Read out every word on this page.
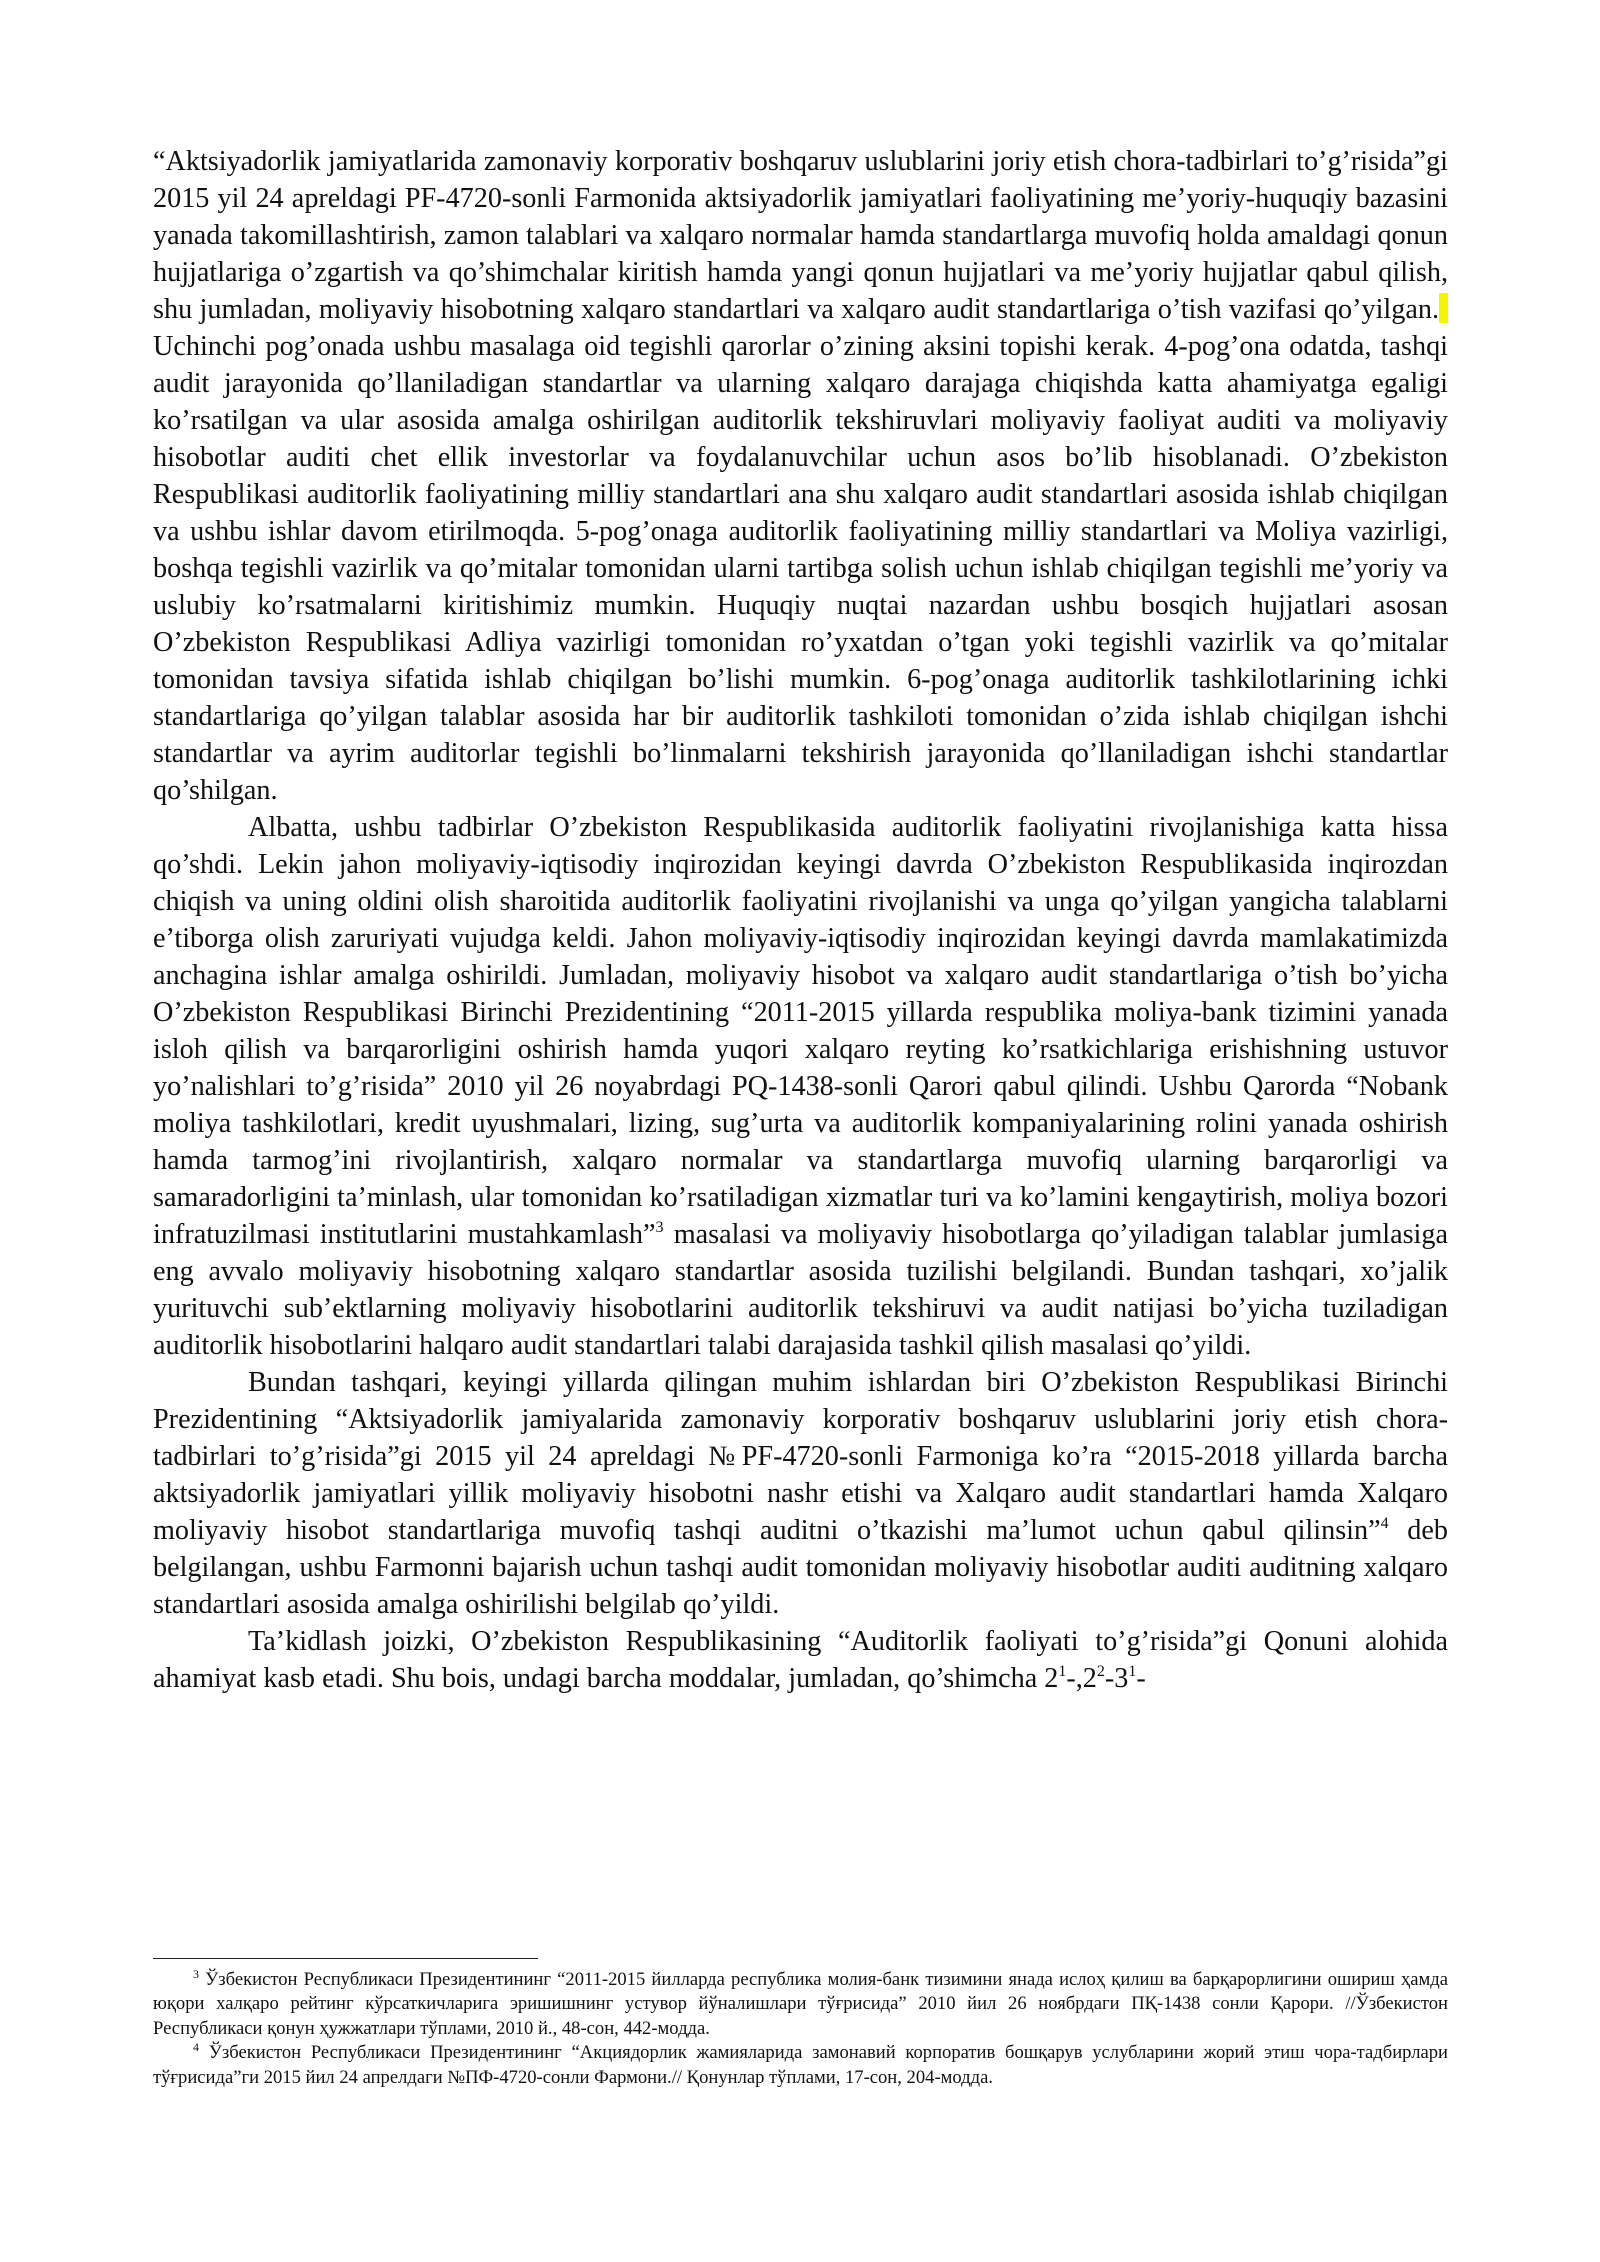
“Aktsiyadorlik jamiyatlarida zamonaviy korporativ boshqaruv uslublarini joriy etish chora-tadbirlari to’g’risida”gi 2015 yil 24 apreldagi PF-4720-sonli Farmonida aktsiyadorlik jamiyatlari faoliyatining me’yoriy-huquqiy bazasini yanada takomillashtirish, zamon talablari va xalqaro normalar hamda standartlarga muvofiq holda amaldagi qonun hujjatlariga o’zgartish va qo’shimchalar kiritish hamda yangi qonun hujjatlari va me’yoriy hujjatlar qabul qilish, shu jumladan, moliyaviy hisobotning xalqaro standartlari va xalqaro audit standartlariga o’tish vazifasi qo’yilgan.Uchinchi pog’onada ushbu masalaga oid tegishli qarorlar o’zining aksini topishi kerak. 4-pog’ona odatda, tashqi audit jarayonida qo’llaniladigan standartlar va ularning xalqaro darajaga chiqishda katta ahamiyatga egaligi ko’rsatilgan va ular asosida amalga oshirilgan auditorlik tekshiruvlari moliyaviy faoliyat auditi va moliyaviy hisobotlar auditi chet ellik investorlar va foydalanuvchilar uchun asos bo’lib hisoblanadi. O’zbekiston Respublikasi auditorlik faoliyatining milliy standartlari ana shu xalqaro audit standartlari asosida ishlab chiqilgan va ushbu ishlar davom etirilmoqda. 5-pog’onaga auditorlik faoliyatining milliy standartlari va Moliya vazirligi, boshqa tegishli vazirlik va qo’mitalar tomonidan ularni tartibga solish uchun ishlab chiqilgan tegishli me’yoriy va uslubiy ko’rsatmalarni kiritishimiz mumkin. Huquqiy nuqtai nazardan ushbu bosqich hujjatlari asosan O’zbekiston Respublikasi Adliya vazirligi tomonidan ro’yxatdan o’tgan yoki tegishli vazirlik va qo’mitalar tomonidan tavsiya sifatida ishlab chiqilgan bo’lishi mumkin. 6-pog’onaga auditorlik tashkilotlarining ichki standartlariga qo’yilgan talablar asosida har bir auditorlik tashkiloti tomonidan o’zida ishlab chiqilgan ishchi standartlar va ayrim auditorlar tegishli bo’linmalarni tekshirish jarayonida qo’llaniladigan ishchi standartlar qo’shilgan.

Albatta, ushbu tadbirlar O’zbekiston Respublikasida auditorlik faoliyatini rivojlanishiga katta hissa qo’shdi. Lekin jahon moliyaviy-iqtisodiy inqirozidan keyingi davrda O’zbekiston Respublikasida inqirozdan chiqish va uning oldini olish sharoitida auditorlik faoliyatini rivojlanishi va unga qo’yilgan yangicha talablarni e’tiborga olish zaruriyati vujudga keldi. Jahon moliyaviy-iqtisodiy inqirozidan keyingi davrda mamlakatimizda anchagina ishlar amalga oshirildi. Jumladan, moliyaviy hisobot va xalqaro audit standartlariga o’tish bo’yicha O’zbekiston Respublikasi Birinchi Prezidentining “2011-2015 yillarda respublika moliya-bank tizimini yanada isloh qilish va barqarorligini oshirish hamda yuqori xalqaro reyting ko’rsatkichlariga erishishning ustuvor yo’nalishlari to’g’risida” 2010 yil 26 noyabrdagi PQ-1438-sonli Qarori qabul qilindi. Ushbu Qarorda “Nobank moliya tashkilotlari, kredit uyushmalari, lizing, sug’urta va auditorlik kompaniyalarining rolini yanada oshirish hamda tarmog’ini rivojlantirish, xalqaro normalar va standartlarga muvofiq ularning barqarorligi va samaradorligini ta’minlash, ular tomonidan ko’rsatiladigan xizmatlar turi va ko’lamini kengaytirish, moliya bozori infratuzilmasi institutlarini mustahkamlash”$^3$ masalasi va moliyaviy hisobotlarga qo’yiladigan talablar jumlasiga eng avvalo moliyaviy hisobotning xalqaro standartlar asosida tuzilishi belgilandi. Bundan tashqari, xo’jalik yurituvchi sub’ektlarning moliyaviy hisobotlarini auditorlik tekshiruvi va audit natijasi bo’yicha tuziladigan auditorlik hisobotlarini halqaro audit standartlari talabi darajasida tashkil qilish masalasi qo’yildi.

Bundan tashqari, keyingi yillarda qilingan muhim ishlardan biri O’zbekiston Respublikasi Birinchi Prezidentining “Aktsiyadorlik jamiyalarida zamonaviy korporativ boshqaruv uslublarini joriy etish chora-tadbirlari to’g’risida”gi 2015 yil 24 apreldagi №PF-4720-sonli Farmoniga ko’ra “2015-2018 yillarda barcha aktsiyadorlik jamiyatlari yillik moliyaviy hisobotni nashr etishi va Xalqaro audit standartlari hamda Xalqaro moliyaviy hisobot standartlariga muvofiq tashqi auditni o’tkazishi ma’lumot uchun qabul qilinsin”$^4$ deb belgilangan, ushbu Farmonni bajarish uchun tashqi audit tomonidan moliyaviy hisobotlar auditi auditning xalqaro standartlari asosida amalga oshirilishi belgilab qo’yildi.

Ta’kidlash joizki, O’zbekiston Respublikasining “Auditorlik faoliyati to’g’risida”gi Qonuni alohida ahamiyat kasb etadi. Shu bois, undagi barcha moddalar, jumladan, qo’shimcha $2^1-,2^2-3^1-$

$^3$ Ўзбекистон Республикаси Президентининг “2011-2015 йилларда республика молия-банк тизимини янада ислоҳ қилиш ва барқарорлигини ошириш ҳамда юқори халқаро рейтинг кўрсаткичларига эришишнинг устувор йўналишлари тўғрисида” 2010 йил 26 ноябрдаги ПҚ-1438 сонли Қарори. //Ўзбекистон Республикаси қонун ҳужжатлари тўплами, 2010 й., 48-сон, 442-модда.

$^4$ Ўзбекистон Республикаси Президентининг “Акциядорлик жамияларида замонавий корпоратив бошқарув услубларини жорий этиш чора-тадбирлари тўғрисида”ги 2015 йил 24 апрелдаги №ПФ-4720-сонли Фармони.// Қонунлар тўплами, 17-сон, 204-модда.
